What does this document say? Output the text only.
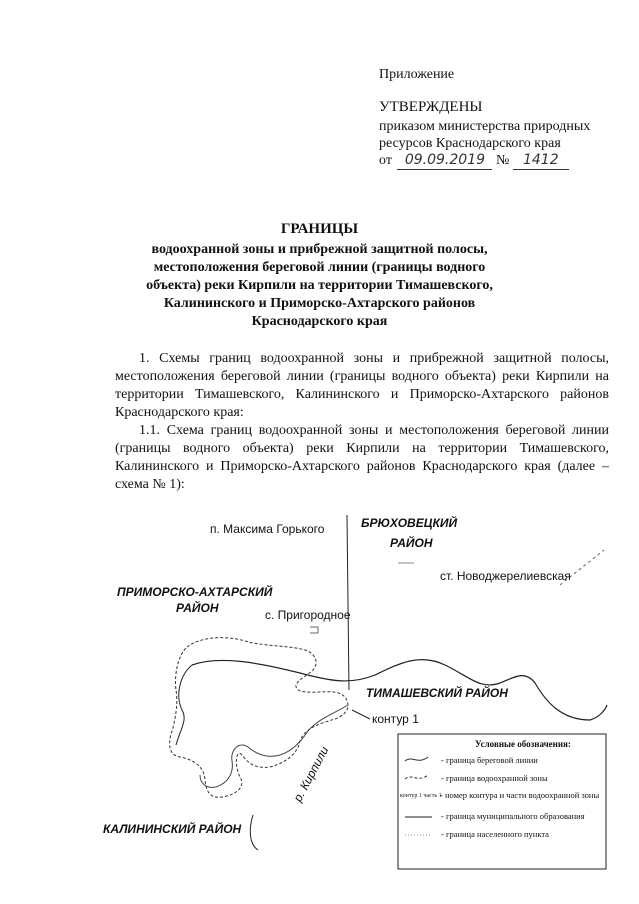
Приложение
УТВЕРЖДЕНЫ
приказом министерства природных
ресурсов Краснодарского края
от 09.09.2019 № 1412
ГРАНИЦЫ
водоохранной зоны и прибрежной защитной полосы,
местоположения береговой линии (границы водного
объекта) реки Кирпили на территории Тимашевского,
Калининского и Приморско-Ахтарского районов
Краснодарского края
1. Схемы границ водоохранной зоны и прибрежной защитной полосы, местоположения береговой линии (границы водного объекта) реки Кирпили на территории Тимашевского, Калининского и Приморско-Ахтарского районов Краснодарского края:
1.1. Схема границ водоохранной зоны и местоположения береговой линии (границы водного объекта) реки Кирпили на территории Тимашевского, Калининского и Приморско-Ахтарского районов Краснодарского края (далее – схема № 1):
п. Максима Горького	БРЮХОВЕЦКИЙ
РАЙОН
ст. Новоджерелиевская
ПРИМОРСКО-АХТАРСКИЙ
РАЙОН	с. Пригородное
ТИМАШЕВСКИЙ РАЙОН
контур 1
р. Кирпили
КАЛИНИНСКИЙ РАЙОН
Условные обозначения:
- граница береговой линии
- граница водоохранной зоны
контур 1 часть 1
- номер контура и части водоохранной зоны
- граница муниципального образования
- граница населенного пункта
